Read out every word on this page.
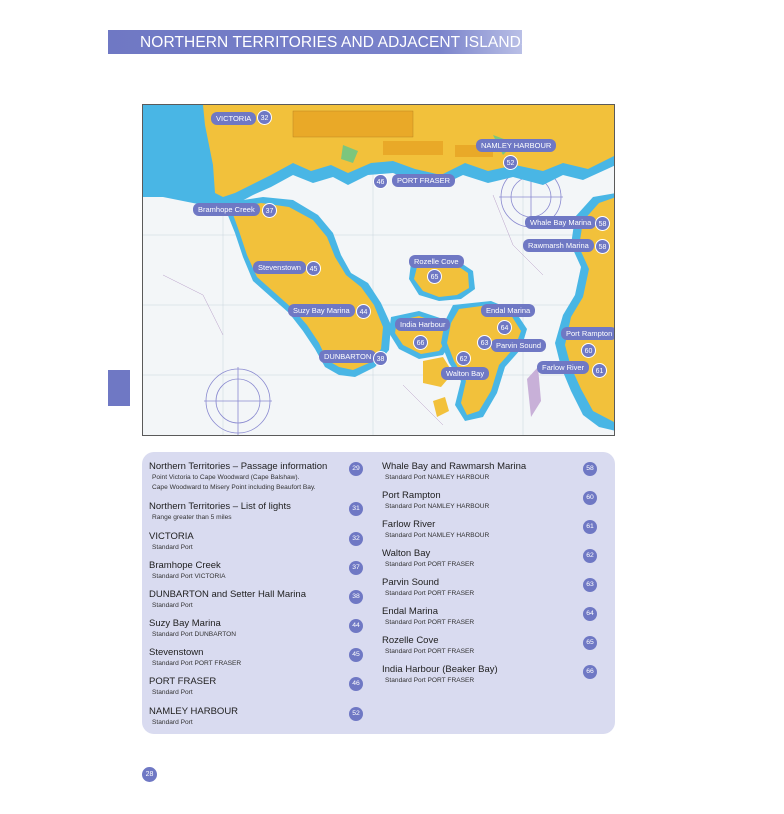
NORTHERN TERRITORIES AND ADJACENT ISLANDS
VICTORIA	32
NAMLEY HARBOUR
52
PORT FRASER
46
Bramhope Creek	37
Whale Bay Marina	58
Rawmarsh Marina	58
Stevenstown	45
Rozelle Cove
65
Suzy Bay Marina	44	Endal Marina
64
India Harbour
66
Port Rampton
60
Parvin Sound
63
DUNBARTON 38
Walton Bay
62
Farlow River	61
Northern Territories – Passage information
Point Victoria to Cape Woodward (Cape Balshaw).
Cape Woodward to Misery Point including Beaufort Bay.
29
Northern Territories – List of lights
Range greater than 5 miles
31
VICTORIA
Standard Port
32
Bramhope Creek
Standard Port VICTORIA
37
DUNBARTON and Setter Hall Marina
Standard Port
38
Suzy Bay Marina
Standard Port DUNBARTON
44
Stevenstown
Standard Port PORT FRASER
45
PORT FRASER
Standard Port
46
NAMLEY HARBOUR
Standard Port
52
Whale Bay and Rawmarsh Marina
Standard Port NAMLEY HARBOUR
58
Port Rampton
Standard Port NAMLEY HARBOUR
60
Farlow River
Standard Port NAMLEY HARBOUR
61
Walton Bay
Standard Port PORT FRASER
62
Parvin Sound
Standard Port PORT FRASER
63
Endal Marina
Standard Port PORT FRASER
64
Rozelle Cove
Standard Port PORT FRASER
65
India Harbour (Beaker Bay)
Standard Port PORT FRASER
66
28
